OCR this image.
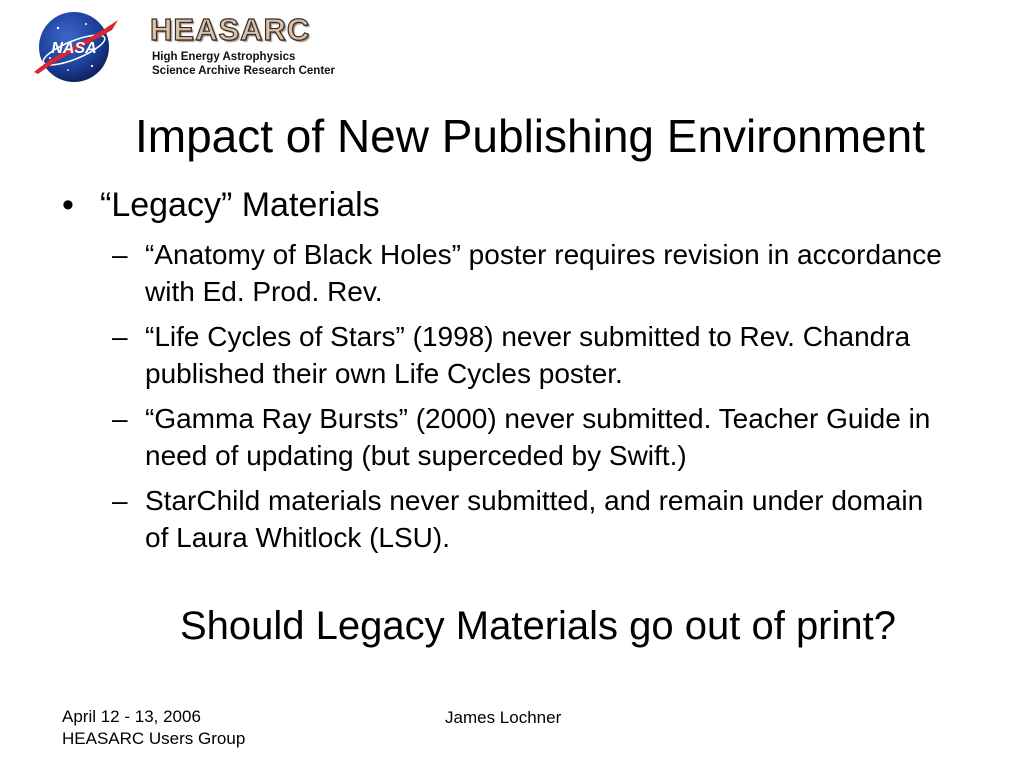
NASA
HEASARC
High Energy Astrophysics
Science Archive Research Center
Impact of New Publishing Environment
• “Legacy” Materials
– “Anatomy of Black Holes” poster requires revision in accordance with Ed. Prod. Rev.
– “Life Cycles of Stars” (1998) never submitted to Rev. Chandra published their own Life Cycles poster.
– “Gamma Ray Bursts” (2000) never submitted. Teacher Guide in need of updating (but superceded by Swift.)
– StarChild materials never submitted, and remain under domain of Laura Whitlock (LSU).
Should Legacy Materials go out of print?
April 12 - 13, 2006
HEASARC Users Group
James Lochner
